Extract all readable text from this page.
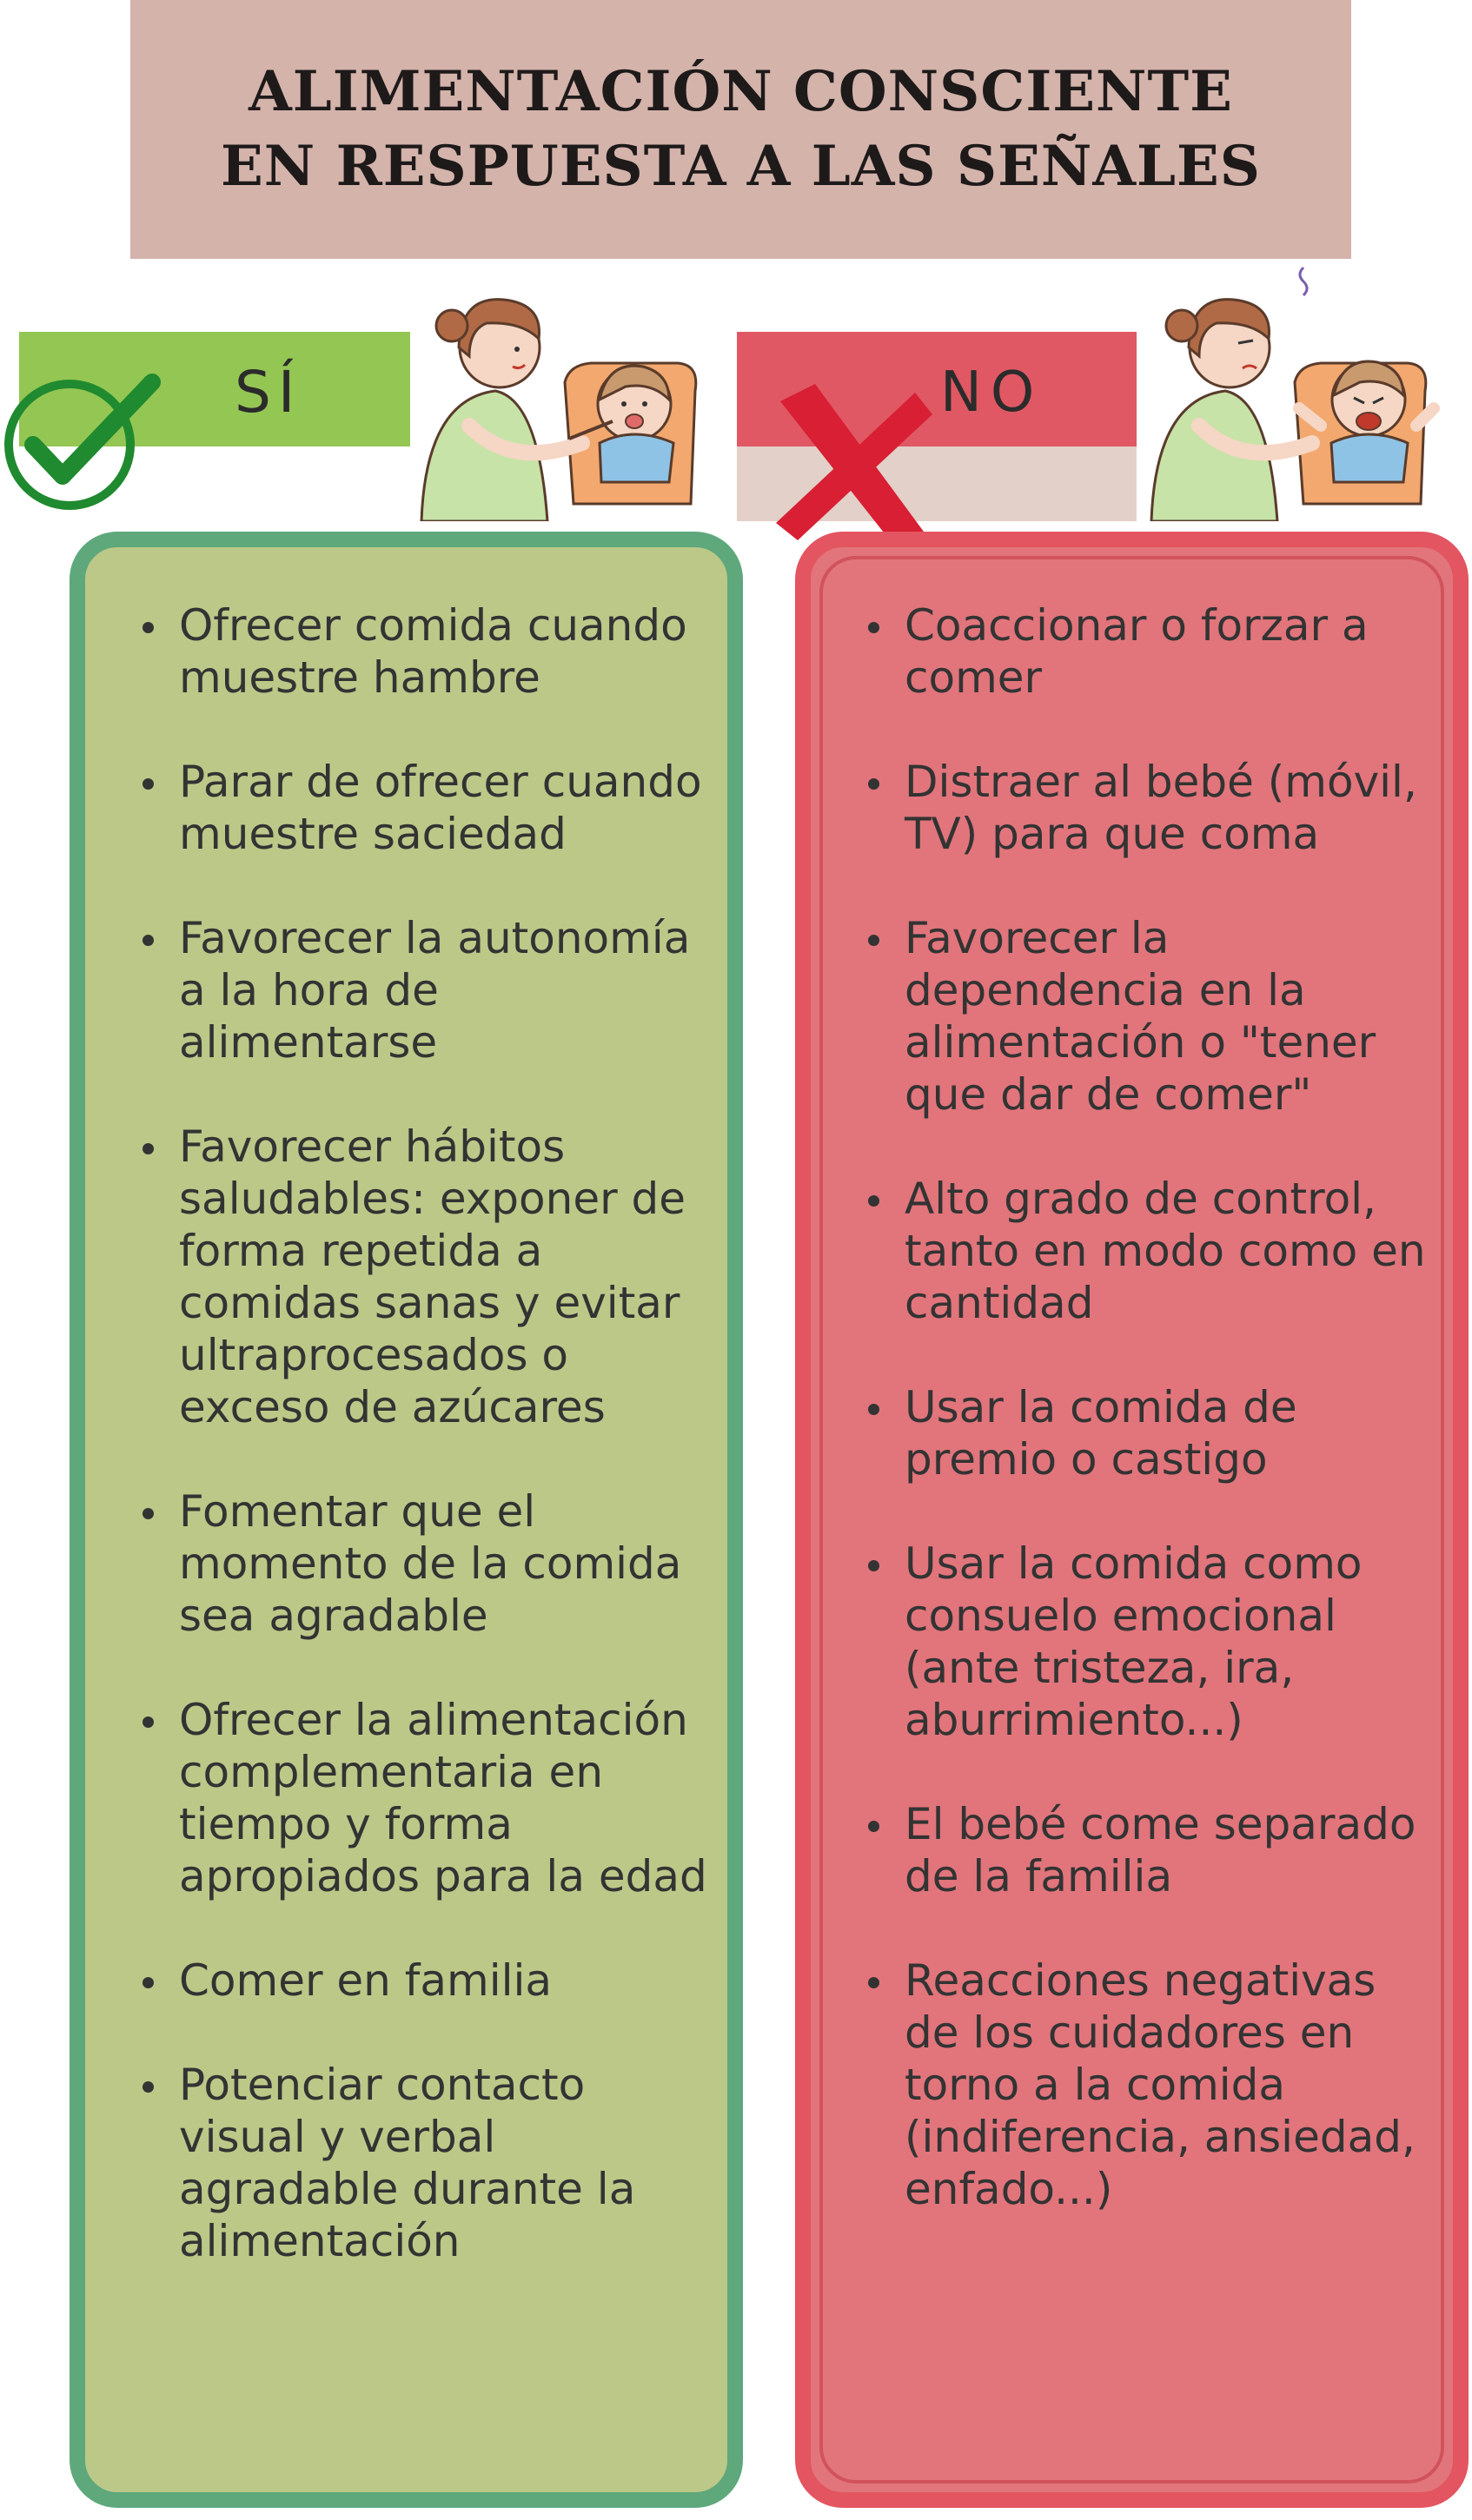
ALIMENTACIÓN CONSCIENTE
EN RESPUESTA A LAS SEÑALES
SÍ	NO
Ofrecer comida cuando muestre hambre
Parar de ofrecer cuando muestre saciedad
Favorecer la autonomía a la hora de alimentarse
Favorecer hábitos saludables: exponer de forma repetida a comidas sanas y evitar ultraprocesados o exceso de azúcares
Fomentar que el momento de la comida sea agradable
Ofrecer la alimentación complementaria en tiempo y forma apropiados para la edad
Comer en familia
Potenciar contacto visual y verbal agradable durante la alimentación
Coaccionar o forzar a comer
Distraer al bebé (móvil, TV) para que coma
Favorecer la dependencia en la alimentación o "tener que dar de comer"
Alto grado de control, tanto en modo como en cantidad
Usar la comida de premio o castigo
Usar la comida como consuelo emocional (ante tristeza, ira, aburrimiento...)
El bebé come separado de la familia
Reacciones negativas de los cuidadores en torno a la comida (indiferencia, ansiedad, enfado...)
